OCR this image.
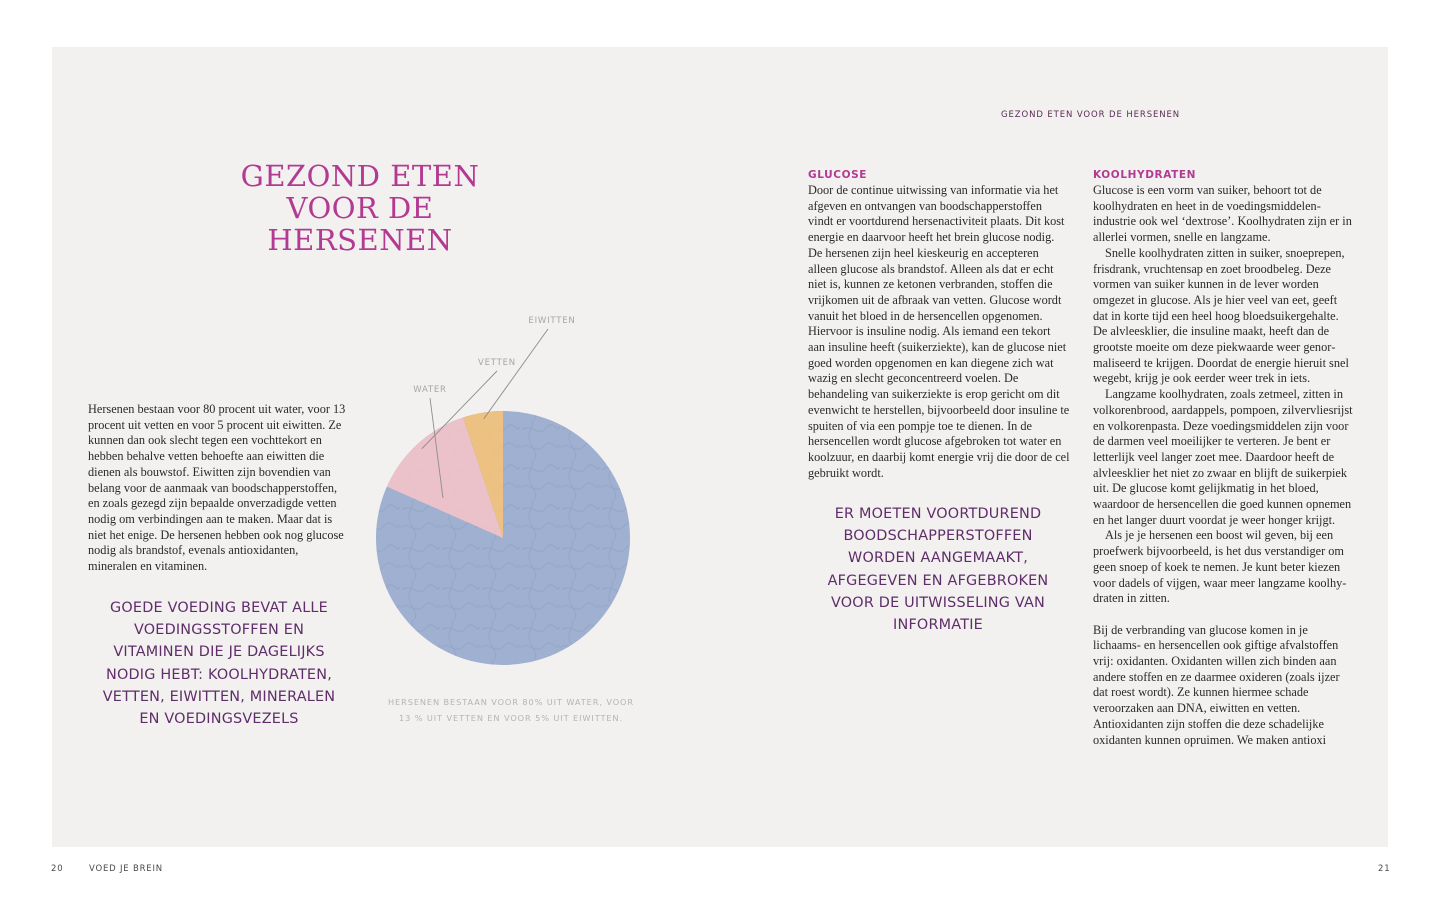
GEZOND ETEN VOOR DE HERSENEN
GEZOND ETEN
VOOR DE HERSENEN

Hersenen bestaan voor 80 procent uit water, voor 13 procent uit vetten en voor 5 procent uit eiwitten. Ze kunnen dan ook slecht tegen een vochttekort en hebben behalve vetten behoefte aan eiwitten die dienen als bouwstof. Eiwitten zijn bovendien van belang voor de aanmaak van boodschapperstoffen, en zoals gezegd zijn bepaalde onverzadigde vetten nodig om verbindingen aan te maken. Maar dat is niet het enige. De hersenen hebben ook nog glucose nodig als brandstof, evenals antioxidanten, mineralen en vitaminen.

GOEDE VOEDING BEVAT ALLE VOEDINGSSTOFFEN EN VITAMINEN DIE JE DAGELIJKS NODIG HEBT: KOOLHYDRATEN, VETTEN, EIWITTEN, MINERALEN EN VOEDINGSVEZELS
WATER
VETTEN
EIWITTEN

HERSENEN BESTAAN VOOR 80% UIT WATER, VOOR 13 % UIT VETTEN EN VOOR 5% UIT EIWITTEN.

ER MOETEN VOORTDUREND BOODSCHAPPERSTOFFEN WORDEN AANGEMAAKT, AFGEGEVEN EN AFGEBROKEN VOOR DE UITWISSELING VAN INFORMATIE
GLUCOSE

Door de continue uitwissing van informatie via het afgeven en ontvangen van boodschapperstoffen vindt er voortdurend hersenactiviteit plaats. Dit kost energie en daarvoor heeft het brein glucose nodig. De hersenen zijn heel kieskeurig en accepteren alleen glucose als brandstof. Alleen als dat er echt niet is, kunnen ze ketonen verbranden, stoffen die vrijkomen uit de afbraak van vetten. Glucose wordt vanuit het bloed in de hersencellen opgenomen. Hiervoor is insuline nodig. Als iemand een tekort aan insuline heeft (suikerziekte), kan de glucose niet goed worden opgenomen en kan diegene zich wat wazig en slecht geconcentreerd voelen. De behandeling van suikerziekte is erop gericht om dit evenwicht te herstellen, bijvoorbeeld door insuline te spuiten of via een pompje toe te dienen. In de hersencellen wordt glucose afgebroken tot water en koolzuur, en daarbij komt energie vrij die door de cel gebruikt wordt.

KOOLHYDRATEN

Glucose is een vorm van suiker, behoort tot de koolhydraten en heet in de voedingsmiddelenindustrie ook wel ‘dextrose’. Koolhydraten zijn er in allerlei vormen, snelle en langzame.

Snelle koolhydraten zitten in suiker, snoeprepen, frisdrank, vruchtensap en zoet broodbeleg. Deze vormen van suiker kunnen in de lever worden omgezet in glucose. Als je hier veel van eet, geeft dat in korte tijd een heel hoog bloedsuikergehalte. De alvleesklier, die insuline maakt, heeft dan de grootste moeite om deze piekwaarde weer genormaliseerd te krijgen. Doordat de energie hieruit snel wegebt, krijg je ook eerder weer trek in iets.

Langzame koolhydraten, zoals zetmeel, zitten in volkorenbrood, aardappels, pompoen, zilvervliesrijst en volkorenpasta. Deze voedingsmiddelen zijn voor de darmen veel moeilijker te verteren. Je bent er letterlijk veel langer zoet mee. Daardoor heeft de alvleesklier het niet zo zwaar en blijft de suikerpiek uit. De glucose komt gelijkmatig in het bloed, waardoor de hersencellen die goed kunnen opnemen en het langer duurt voordat je weer honger krijgt.

Als je je hersenen een boost wil geven, bij een proefwerk bijvoorbeeld, is het dus verstandiger om geen snoep of koek te nemen. Je kunt beter kiezen voor dadels of vijgen, waar meer langzame koolhydraten in zitten.

Bij de verbranding van glucose komen in je lichaams- en hersencellen ook giftige afvalstoffen vrij: oxidanten. Oxidanten willen zich binden aan andere stoffen en ze daarmee oxideren (zoals ijzer dat roest wordt). Ze kunnen hiermee schade veroorzaken aan DNA, eiwitten en vetten. Antioxidanten zijn stoffen die deze schadelijke oxidanten kunnen opruimen. We maken antioxi

20	VOED JE BREIN	21
